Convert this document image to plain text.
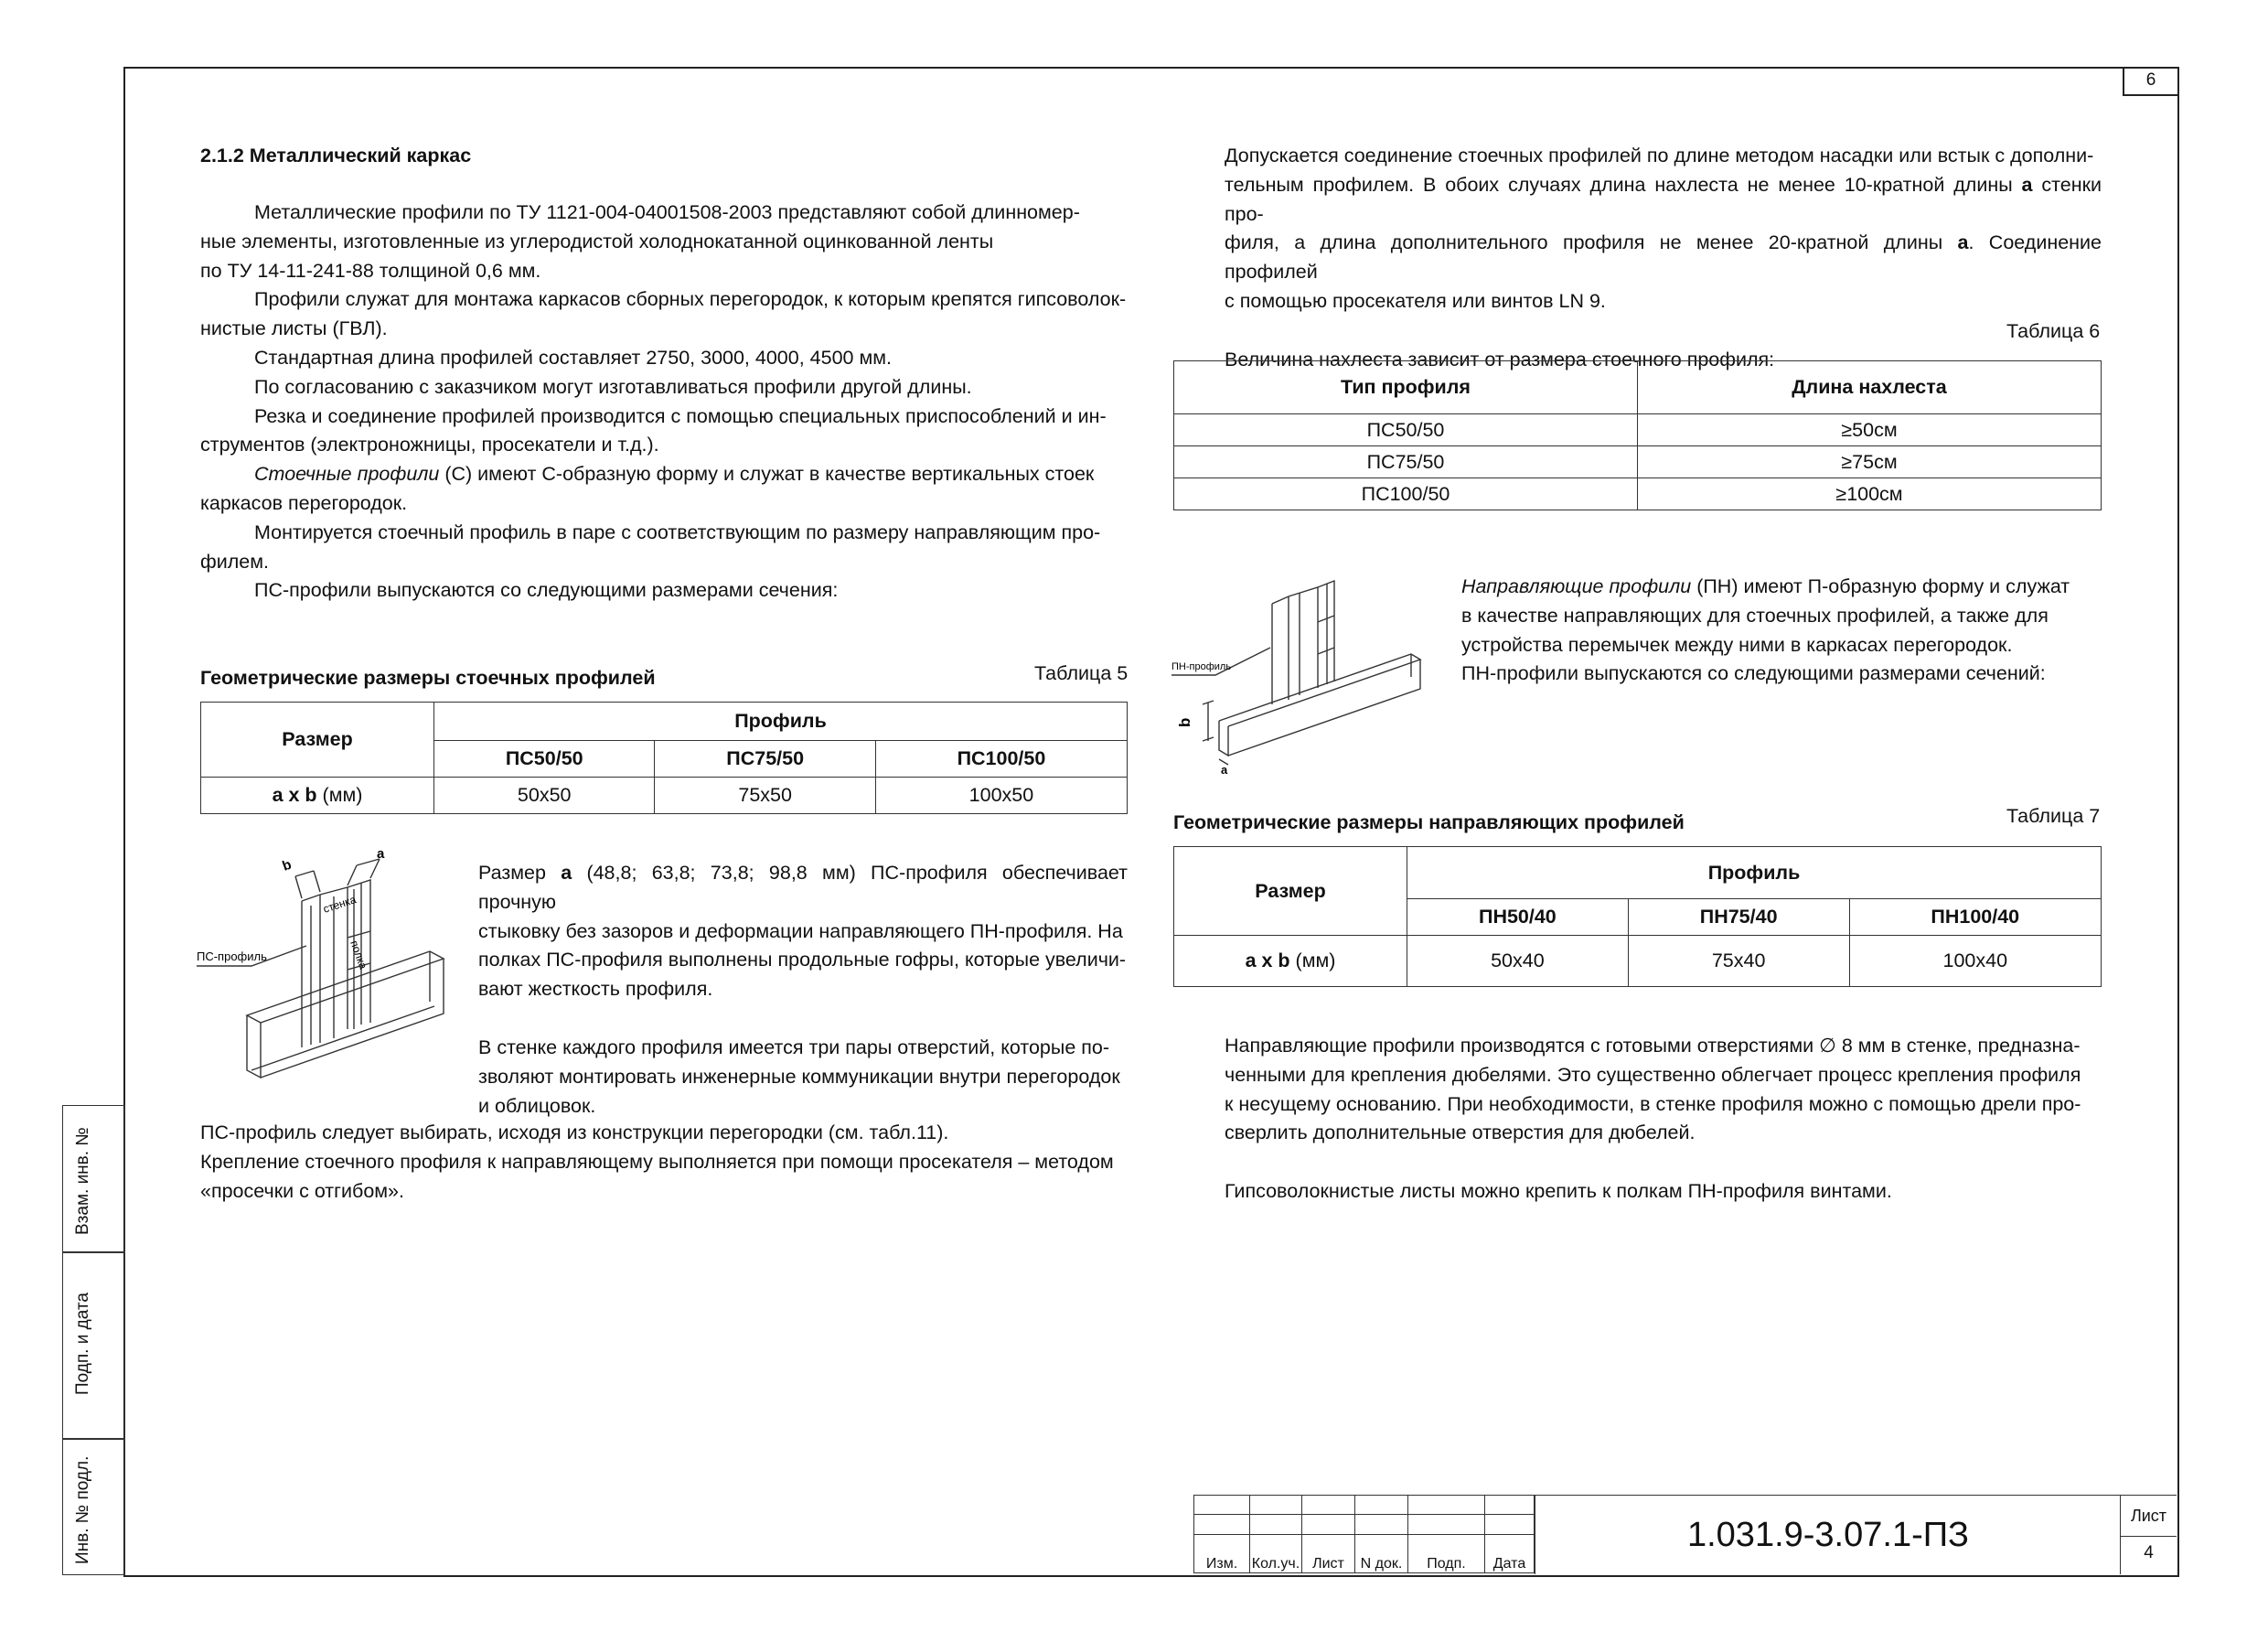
6
2.1.2 Металлический каркас

Металлические профили по ТУ 1121-004-04001508-2003 представляют собой длинномер-

ные элементы, изготовленные из углеродистой холоднокатанной оцинкованной ленты

по ТУ 14-11-241-88 толщиной 0,6 мм.

Профили служат для монтажа каркасов сборных перегородок, к которым крепятся гипсоволок-

нистые листы (ГВЛ).

Стандартная длина профилей составляет 2750, 3000, 4000, 4500 мм.

По согласованию с заказчиком могут изготавливаться профили другой длины.

Резка и соединение профилей производится с помощью специальных приспособлений и ин-

струментов (электроножницы, просекатели и т.д.).

Стоечные профили (С) имеют С-образную форму и служат в качестве вертикальных стоек

каркасов перегородок.

Монтируется стоечный профиль в паре с соответствующим по размеру направляющим про-

филем.

ПС-профили выпускаются со следующими размерами сечения:

Геометрические размеры стоечных профилей	Таблица 5
Размер	Профиль		
	ПС50/50	ПС75/50	ПС100/50
a x b (мм)	50x50	75x50	100x50
b
a
стенка
полка
ПС-профиль

Размер a (48,8; 63,8; 73,8; 98,8 мм) ПС-профиля обеспечивает прочную

стыковку без зазоров и деформации направляющего ПН-профиля. На

полках ПС-профиля выполнены продольные гофры, которые увеличи-

вают жесткость профиля.

В стенке каждого профиля имеется три пары отверстий, которые по-

зволяют монтировать инженерные коммуникации внутри перегородок

и облицовок.

ПС-профиль следует выбирать, исходя из конструкции перегородки (см. табл.11).

Крепление стоечного профиля к направляющему выполняется при помощи просекателя – методом

«просечки с отгибом».

Допускается соединение стоечных профилей по длине методом насадки или встык с дополни-

тельным профилем. В обоих случаях длина нахлеста не менее 10-кратной длины a стенки про-

филя, а длина дополнительного профиля не менее 20-кратной длины a. Соединение профилей

с помощью просекателя или винтов LN 9.

Величина нахлеста зависит от размера стоечного профиля:

Таблица 6
Тип профиля	Длина нахлеста
ПС50/50	≥50см
ПС75/50	≥75см
ПС100/50	≥100см
b
a
ПН-профиль

Направляющие профили (ПН) имеют П-образную форму и служат

в качестве направляющих для стоечных профилей, а также для

устройства перемычек между ними в каркасах перегородок.

ПН-профили выпускаются со следующими размерами сечений:

Геометрические размеры направляющих профилей	Таблица 7
Размер	Профиль		
	ПН50/40	ПН75/40	ПН100/40
a x b (мм)	50x40	75x40	100x40

Направляющие профили производятся с готовыми отверстиями ∅ 8 мм в стенке, предназна-

ченными для крепления дюбелями. Это существенно облегчает процесс крепления профиля

к несущему основанию. При необходимости, в стенке профиля можно с помощью дрели про-

сверлить дополнительные отверстия для дюбелей.

Гипсоволокнистые листы можно крепить к полкам ПН-профиля винтами.

Инв. № подл.
Подп. и дата
Взам. инв. №

Изм.	Кол.уч.	Лист	N док.	Подп.	Дата
1.031.9-3.07.1-ПЗ	Лист
4
